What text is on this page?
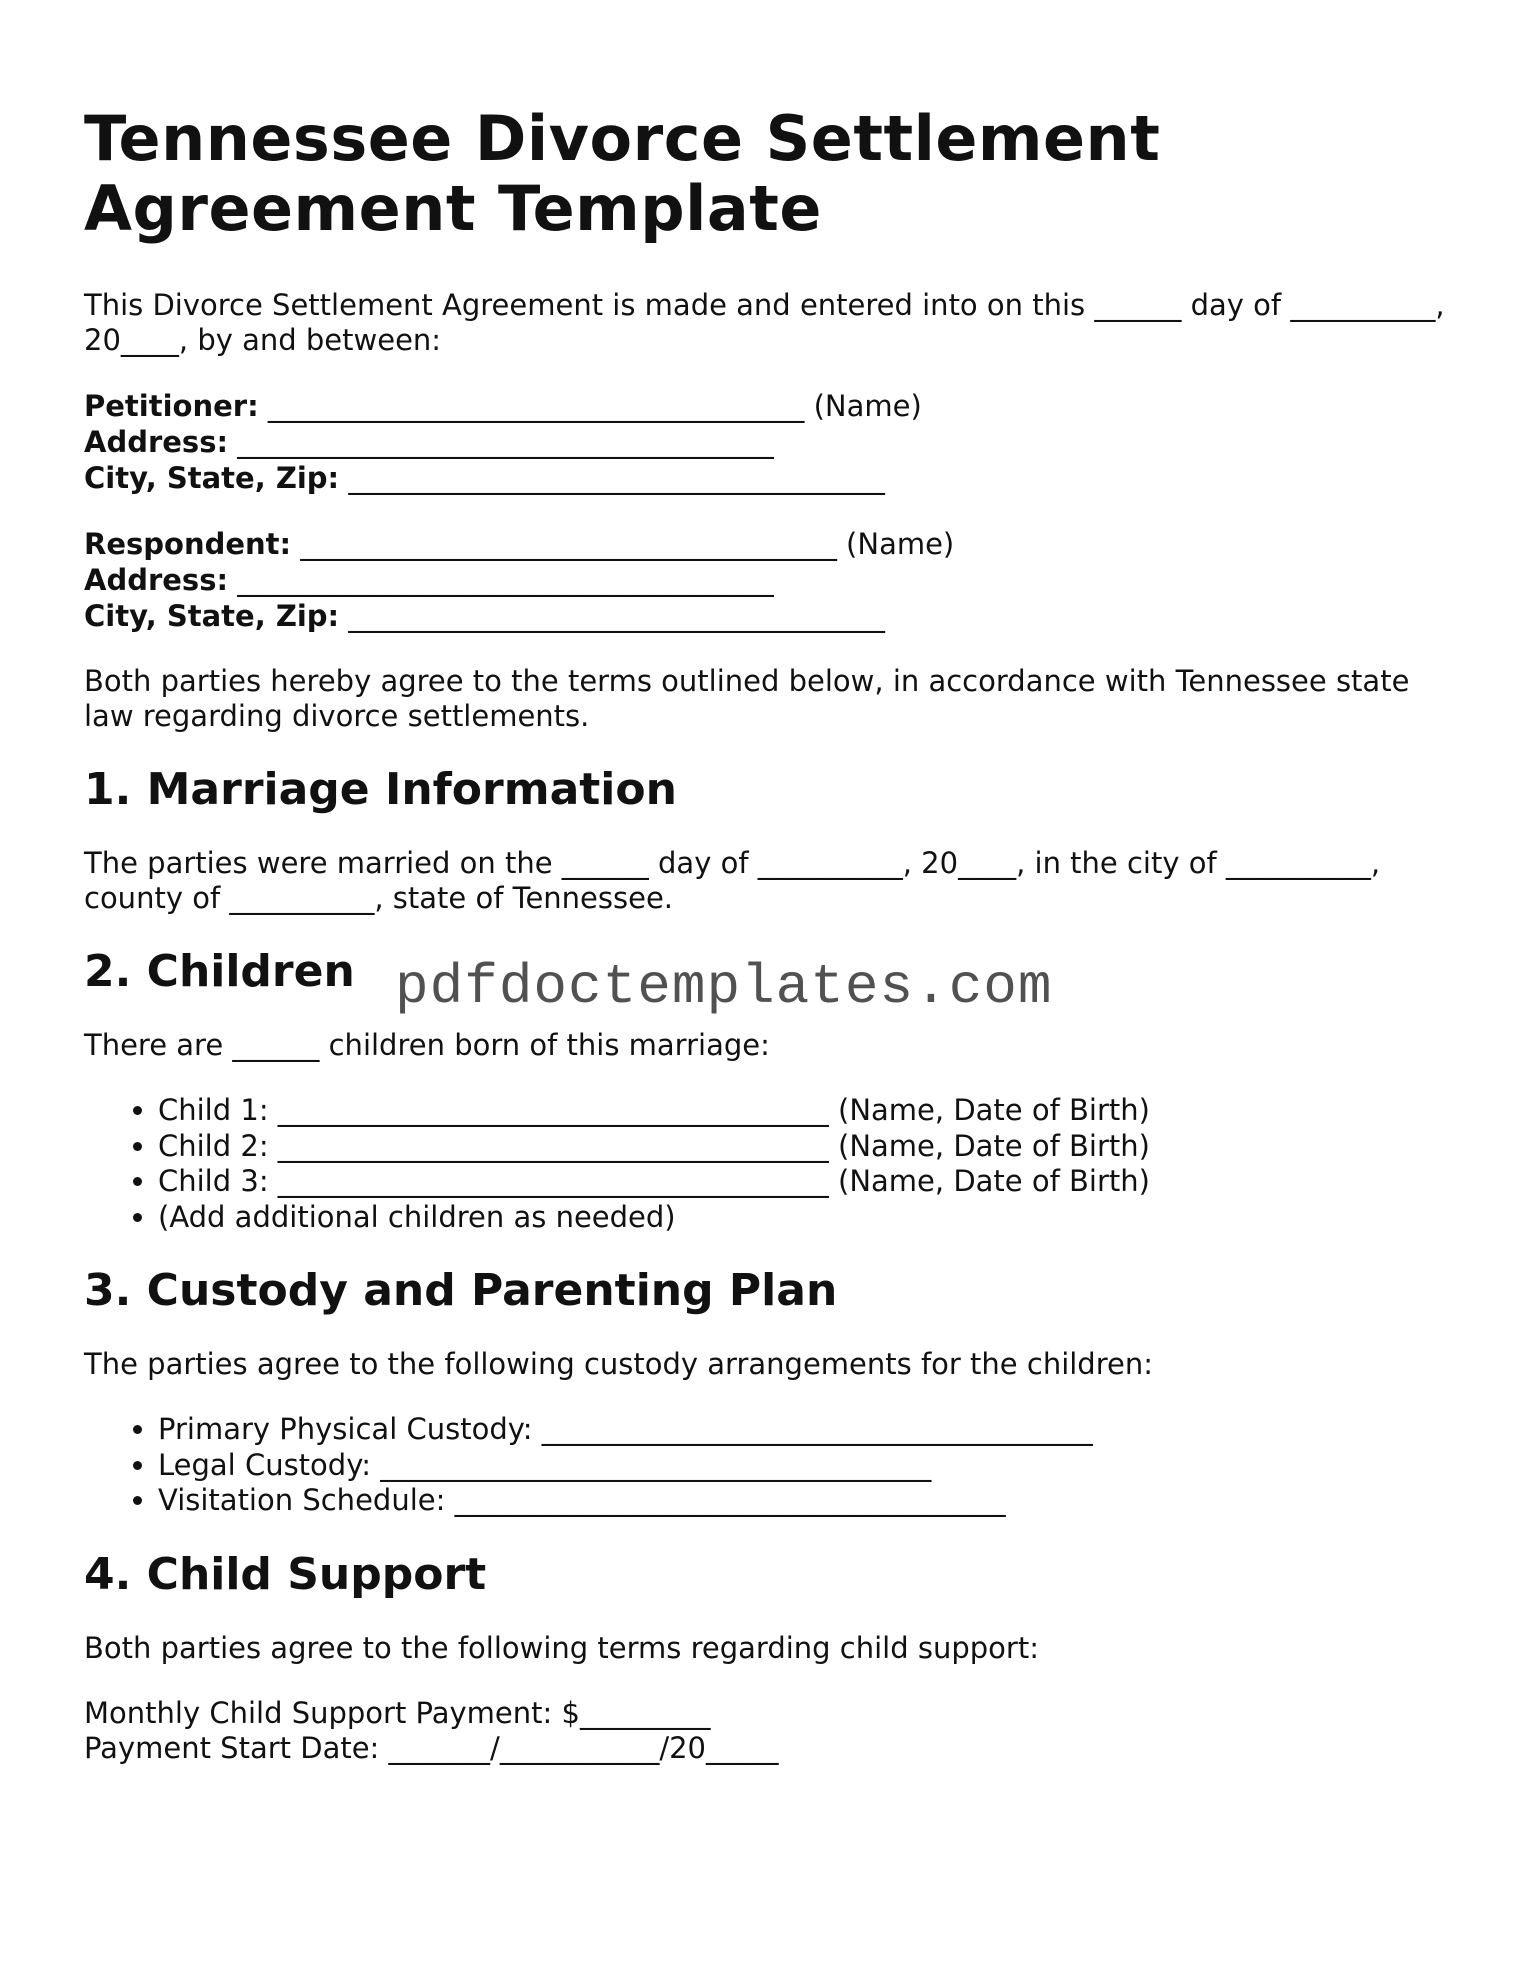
Tennessee Divorce Settlement Agreement Template

This Divorce Settlement Agreement is made and entered into on this ______ day of __________, 20____, by and between:

Petitioner: _____________________________________ (Name)
Address: _____________________________________
City, State, Zip: _____________________________________
Respondent: _____________________________________ (Name)
Address: _____________________________________
City, State, Zip: _____________________________________

Both parties hereby agree to the terms outlined below, in accordance with Tennessee state law regarding divorce settlements.

1. Marriage Information

The parties were married on the ______ day of __________, 20____, in the city of __________, county of __________, state of Tennessee.

2. Children

There are ______ children born of this marriage:

• Child 1: ______________________________________ (Name, Date of Birth)
• Child 2: ______________________________________ (Name, Date of Birth)
• Child 3: ______________________________________ (Name, Date of Birth)
• (Add additional children as needed)
3. Custody and Parenting Plan

The parties agree to the following custody arrangements for the children:

• Primary Physical Custody: ______________________________________
• Legal Custody: ______________________________________
• Visitation Schedule: ______________________________________
4. Child Support

Both parties agree to the following terms regarding child support:

Monthly Child Support Payment: $_________
Payment Start Date: _______/___________/20_____
pdfdoctemplates.com
